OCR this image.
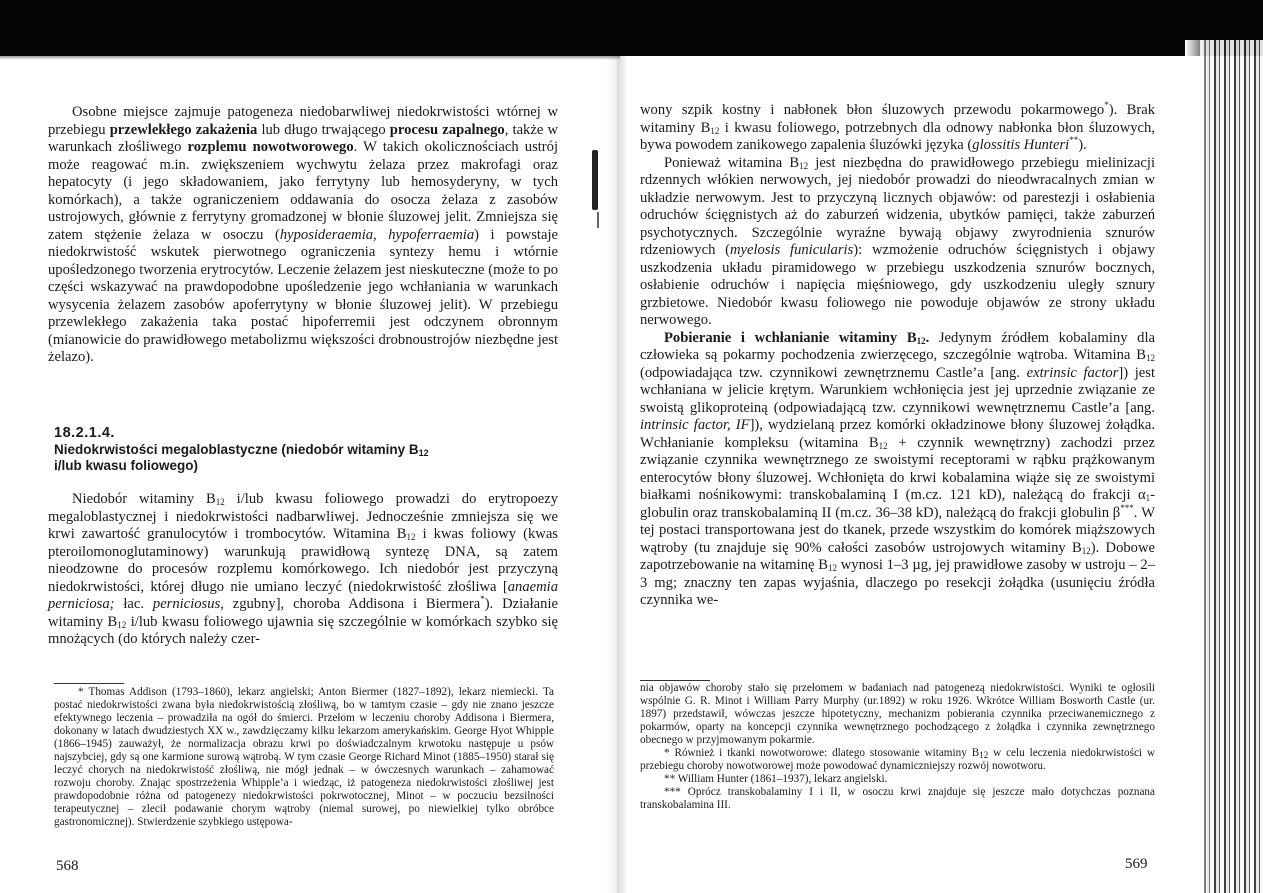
Osobne miejsce zajmuje patogeneza niedobarwliwej niedokrwistości wtórnej w przebiegu przewlekłego zakażenia lub długo trwającego procesu zapalnego, także w warunkach złośliwego rozplemu nowotworowego. W takich okolicznościach ustrój może reagować m.in. zwiększeniem wychwytu żelaza przez makrofagi oraz hepatocyty (i jego składowaniem, jako ferrytyny lub hemosyderyny, w tych komórkach), a także ograniczeniem oddawania do osocza żelaza z zasobów ustrojowych, głównie z ferrytyny gromadzonej w błonie śluzowej jelit. Zmniejsza się zatem stężenie żelaza w osoczu (hyposideraemia, hypoferraemia) i powstaje niedokrwistość wskutek pierwotnego ograniczenia syntezy hemu i wtórnie upośledzonego tworzenia erytrocytów. Leczenie żelazem jest nieskuteczne (może to po części wskazywać na prawdopodobne upośledzenie jego wchłaniania w warunkach wysycenia żelazem zasobów apoferrytyny w błonie śluzowej jelit). W przebiegu przewlekłego zakażenia taka postać hipoferremii jest odczynem obronnym (mianowicie do prawidłowego metabolizmu większości drobnoustrojów niezbędne jest żelazo).

18.2.1.4.

Niedokrwistości megaloblastyczne (niedobór witaminy $B_{12}$
i/lub kwasu foliowego)

Niedobór witaminy $B_{12}$ i/lub kwasu foliowego prowadzi do erytropoezy megaloblastycznej i niedokrwistości nadbarwliwej. Jednocześnie zmniejsza się we krwi zawartość granulocytów i trombocytów. Witamina $B_{12}$ i kwas foliowy (kwas pteroilomonoglutaminowy) warunkują prawidłową syntezę DNA, są zatem nieodzowne do procesów rozplemu komórkowego. Ich niedobór jest przyczyną niedokrwistości, której długo nie umiano leczyć (niedokrwistość złośliwa [anaemia perniciosa; łac. perniciosus, zgubny], choroba Addisona i Biermera*). Działanie witaminy $B_{12}$ i/lub kwasu foliowego ujawnia się szczególnie w komórkach szybko się mnożących (do których należy czer-

* Thomas Addison (1793–1860), lekarz angielski; Anton Biermer (1827–1892), lekarz niemiecki. Ta postać niedokrwistości zwana była niedokrwistością złośliwą, bo w tamtym czasie – gdy nie znano jeszcze efektywnego leczenia – prowadziła na ogół do śmierci. Przełom w leczeniu choroby Addisona i Biermera, dokonany w latach dwudziestych XX w., zawdzięczamy kilku lekarzom amerykańskim. George Hyot Whipple (1866–1945) zauważył, że normalizacja obrazu krwi po doświadczalnym krwotoku następuje u psów najszybciej, gdy są one karmione surową wątrobą. W tym czasie George Richard Minot (1885–1950) starał się leczyć chorych na niedokrwistość złośliwą, nie mógł jednak – w ówczesnych warunkach – zahamować rozwoju choroby. Znając spostrzeżenia Whipple’a i wiedząc, iż patogeneza niedokrwistości złośliwej jest prawdopodobnie różna od patogenezy niedokrwistości pokrwotocznej, Minot – w poczuciu bezsilności terapeutycznej – zlecił podawanie chorym wątroby (niemal surowej, po niewielkiej tylko obróbce gastronomicznej). Stwierdzenie szybkiego ustępowa-

568

wony szpik kostny i nabłonek błon śluzowych przewodu pokarmowego*). Brak witaminy $B_{12}$ i kwasu foliowego, potrzebnych dla odnowy nabłonka błon śluzowych, bywa powodem zanikowego zapalenia śluzówki języka (glossitis Hunteri**).

Ponieważ witamina $B_{12}$ jest niezbędna do prawidłowego przebiegu mielinizacji rdzennych włókien nerwowych, jej niedobór prowadzi do nieodwracalnych zmian w układzie nerwowym. Jest to przyczyną licznych objawów: od parestezji i osłabienia odruchów ścięgnistych aż do zaburzeń widzenia, ubytków pamięci, także zaburzeń psychotycznych. Szczególnie wyraźne bywają objawy zwyrodnienia sznurów rdzeniowych (myelosis funicularis): wzmożenie odruchów ścięgnistych i objawy uszkodzenia układu piramidowego w przebiegu uszkodzenia sznurów bocznych, osłabienie odruchów i napięcia mięśniowego, gdy uszkodzeniu uległy sznury grzbietowe. Niedobór kwasu foliowego nie powoduje objawów ze strony układu nerwowego.

Pobieranie i wchłanianie witaminy $B_{12}$. Jedynym źródłem kobalaminy dla człowieka są pokarmy pochodzenia zwierzęcego, szczególnie wątroba. Witamina $B_{12}$ (odpowiadająca tzw. czynnikowi zewnętrznemu Castle’a [ang. extrinsic factor]) jest wchłaniana w jelicie krętym. Warunkiem wchłonięcia jest jej uprzednie związanie ze swoistą glikoproteiną (odpowiadającą tzw. czynnikowi wewnętrznemu Castle’a [ang. intrinsic factor, IF]), wydzielaną przez komórki okładzinowe błony śluzowej żołądka. Wchłanianie kompleksu (witamina $B_{12}$ + czynnik wewnętrzny) zachodzi przez związanie czynnika wewnętrznego ze swoistymi receptorami w rąbku prążkowanym enterocytów błony śluzowej. Wchłonięta do krwi kobalamina wiąże się ze swoistymi białkami nośnikowymi: transkobalaminą I (m.cz. 121 kD), należącą do frakcji $\alpha_1$-globulin oraz transkobalaminą II (m.cz. 36–38 kD), należącą do frakcji globulin β***. W tej postaci transportowana jest do tkanek, przede wszystkim do komórek miąższowych wątroby (tu znajduje się 90% całości zasobów ustrojowych witaminy $B_{12}$). Dobowe zapotrzebowanie na witaminę $B_{12}$ wynosi 1–3 µg, jej prawidłowe zasoby w ustroju – 2–3 mg; znaczny ten zapas wyjaśnia, dlaczego po resekcji żołądka (usunięciu źródła czynnika we-

nia objawów choroby stało się przełomem w badaniach nad patogenezą niedokrwistości. Wyniki te ogłosili wspólnie G. R. Minot i William Parry Murphy (ur.1892) w roku 1926. Wkrótce William Bosworth Castle (ur. 1897) przedstawił, wówczas jeszcze hipotetyczny, mechanizm pobierania czynnika przeciwanemicznego z pokarmów, oparty na koncepcji czynnika wewnętrznego pochodzącego z żołądka i czynnika zewnętrznego obecnego w przyjmowanym pokarmie.

* Również i tkanki nowotworowe: dlatego stosowanie witaminy $B_{12}$ w celu leczenia niedokrwistości w przebiegu choroby nowotworowej może powodować dynamiczniejszy rozwój nowotworu.

** William Hunter (1861–1937), lekarz angielski.

*** Oprócz transkobalaminy I i II, w osoczu krwi znajduje się jeszcze mało dotychczas poznana transkobalamina III.

569
